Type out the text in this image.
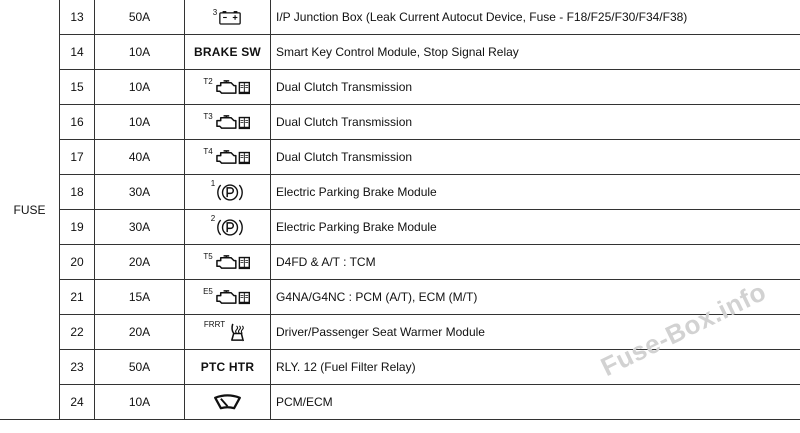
FUSE	13	50A	3	I/P Junction Box (Leak Current Autocut Device, Fuse - F18/F25/F30/F34/F38)
	14	10A	BRAKE SW	Smart Key Control Module, Stop Signal Relay
	15	10A	T2	Dual Clutch Transmission
	16	10A	T3	Dual Clutch Transmission
	17	40A	T4	Dual Clutch Transmission
	18	30A	1	Electric Parking Brake Module
	19	30A	2	Electric Parking Brake Module
	20	20A	T5	D4FD & A/T : TCM
	21	15A	E5	G4NA/G4NC : PCM (A/T), ECM (M/T)
	22	20A	FRRT	Driver/Passenger Seat Warmer Module
	23	50A	PTC HTR	RLY. 12 (Fuel Filter Relay)
	24	10A		PCM/ECM
Fuse-Box.info
